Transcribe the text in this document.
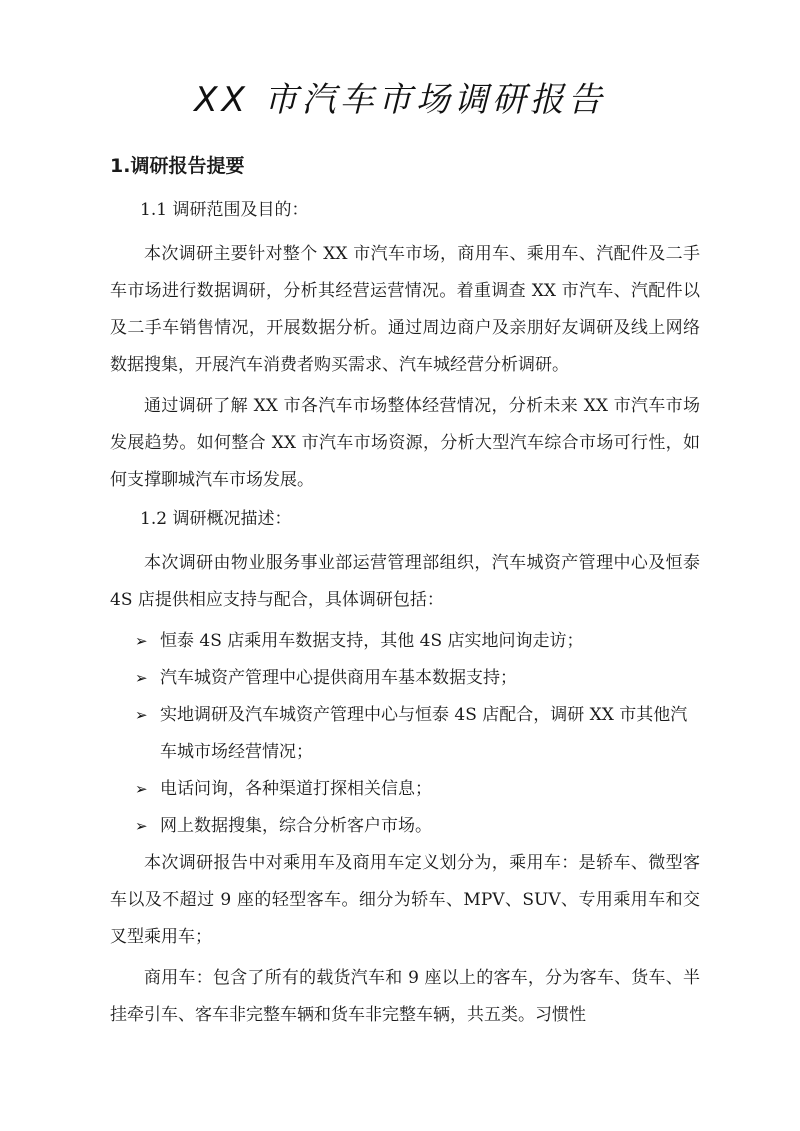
XX 市汽车市场调研报告
1.调研报告提要
1.1 调研范围及目的：

本次调研主要针对整个 XX 市汽车市场，商用车、乘用车、汽配件及二手车市场进行数据调研，分析其经营运营情况。着重调查 XX 市汽车、汽配件以及二手车销售情况，开展数据分析。通过周边商户及亲朋好友调研及线上网络数据搜集，开展汽车消费者购买需求、汽车城经营分析调研。

通过调研了解 XX 市各汽车市场整体经营情况，分析未来 XX 市汽车市场发展趋势。如何整合 XX 市汽车市场资源，分析大型汽车综合市场可行性，如何支撑聊城汽车市场发展。

1.2 调研概况描述：

本次调研由物业服务事业部运营管理部组织，汽车城资产管理中心及恒泰 4S 店提供相应支持与配合，具体调研包括：

➢ 恒泰 4S 店乘用车数据支持，其他 4S 店实地问询走访；
➢ 汽车城资产管理中心提供商用车基本数据支持；
➢ 实地调研及汽车城资产管理中心与恒泰 4S 店配合，调研 XX 市其他汽车城市场经营情况；
➢ 电话问询，各种渠道打探相关信息；
➢ 网上数据搜集，综合分析客户市场。

本次调研报告中对乘用车及商用车定义划分为，乘用车：是轿车、微型客车以及不超过 9 座的轻型客车。细分为轿车、MPV、SUV、专用乘用车和交叉型乘用车；

商用车：包含了所有的载货汽车和 9 座以上的客车，分为客车、货车、半挂牵引车、客车非完整车辆和货车非完整车辆，共五类。习惯性
